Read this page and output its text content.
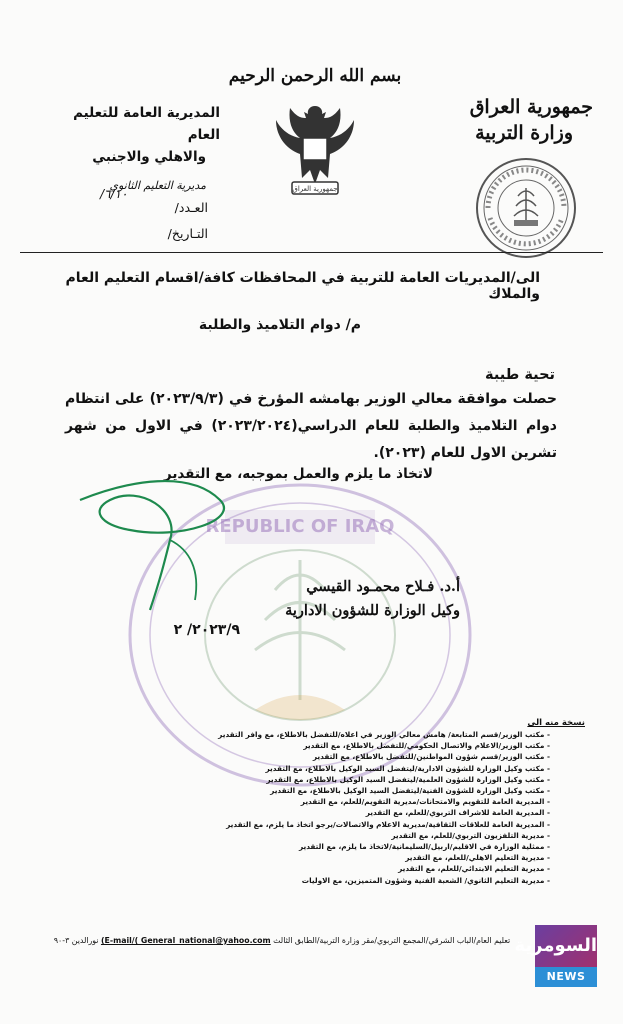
بسم الله الرحمن الرحيم
جمهورية العراق
وزارة التربية
المديرية العامة للتعليم العام
والاهلي والاجنبي
مديرية التعليم الثانوي
٦/١٠/
العـدد/
التـاريخ/
جمهورية العراق
الى/المديريات العامة للتربية في المحافظات كافة/اقسام التعليم العام والملاك
م/ دوام التلاميذ والطلبة
تحية طيبة
حصلت موافقة معالي الوزير بهامشه المؤرخ في (٢٠٢٣/٩/٣) على انتظام دوام التلاميذ والطلبة للعام الدراسي(٢٠٢٣/٢٠٢٤) في الاول من شهر تشرين الاول للعام (٢٠٢٣).
لاتخاذ ما يلزم والعمل بموجبه، مع التقدير
REPUBLIC OF IRAQ
أ.د. فـلاح محمـود القيسي
وكيل الوزارة للشؤون الادارية
٢٠٢٣/٩/ ٢
نسخة منه الى
- مكتب الوزير/قسم المتابعة/ هامش معالي الوزير في اعلاه/للتفضل بالاطلاع، مع وافر التقدير
- مكتب الوزير/الاعلام والاتصال الحكومي/للتفضل بالاطلاع، مع التقدير
- مكتب الوزير/قسم شؤون المواطنين/للتفضل بالاطلاع، مع التقدير
- مكتب وكيل الوزارة للشؤون الادارية/ليتفضل السيد الوكيل بالاطلاع، مع التقدير
- مكتب وكيل الوزارة للشؤون العلمية/ليتفضل السيد الوكيل بالاطلاع، مع التقدير
- مكتب وكيل الوزارة للشؤون الفنية/ليتفضل السيد الوكيل بالاطلاع، مع التقدير
- المديرية العامة للتقويم والامتحانات/مديرية التقويم/للعلم، مع التقدير
- المديرية العامة للاشراف التربوي/للعلم، مع التقدير
- المديرية العامة للعلاقات الثقافية/مديرية الاعلام والاتصالات/يرجو اتخاذ ما يلزم، مع التقدير
- مديرية التلفزيون التربوي/للعلم، مع التقدير
- ممثلية الوزارة في الاقليم/اربيل/السليمانية/لاتخاذ ما يلزم، مع التقدير
- مديرية التعليم الاهلي/للعلم، مع التقدير
- مديرية التعليم الابتدائي/للعلم، مع التقدير
- مديرية التعليم الثانوي/ الشعبة الفنية وشؤون المتميزين، مع الاوليات
تعليم العام/الباب الشرقي/المجمع التربوي/مقر وزارة التربية/الطابق الثالث (E-mail/( General_national@yahoo.com نورالدين ٣-٩٠	السومرية
NEWS
